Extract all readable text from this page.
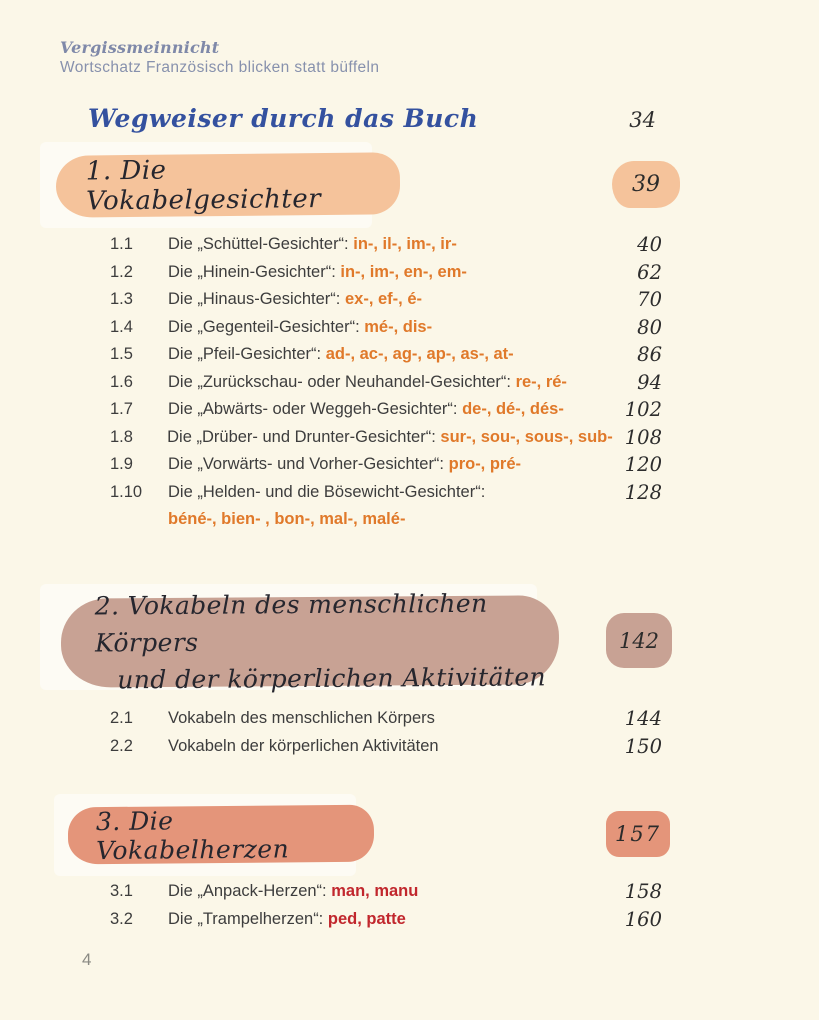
Vergissmeinnicht
Wortschatz Französisch blicken statt büffeln
Wegweiser durch das Buch	34
1. Die Vokabelgesichter	39
1.1	Die „Schüttel-Gesichter“: in-, il-, im-, ir-	40
1.2	Die „Hinein-Gesichter“: in-, im-, en-, em-	62
1.3	Die „Hinaus-Gesichter“: ex-, ef-, é-	70
1.4	Die „Gegenteil-Gesichter“: mé-, dis-	80
1.5	Die „Pfeil-Gesichter“: ad-, ac-, ag-, ap-, as-, at-	86
1.6	Die „Zurückschau- oder Neuhandel-Gesichter“: re-, ré-	94
1.7	Die „Abwärts- oder Weggeh-Gesichter“: de-, dé-, dés-	102
1.8	Die „Drüber- und Drunter-Gesichter“: sur-, sou-, sous-, sub- 108
1.9	Die „Vorwärts- und Vorher-Gesichter“: pro-, pré-	120
1.10	Die „Helden- und die Bösewicht-Gesichter“:	128
béné-, bien- , bon-, mal-, malé-
2. Vokabeln des menschlichen Körpers
und der körperlichen Aktivitäten
142
2.1	Vokabeln des menschlichen Körpers	144
2.2	Vokabeln der körperlichen Aktivitäten	150
3. Die Vokabelherzen	157
3.1	Die „Anpack-Herzen“: man, manu	158
3.2	Die „Trampelherzen“: ped, patte	160
4
